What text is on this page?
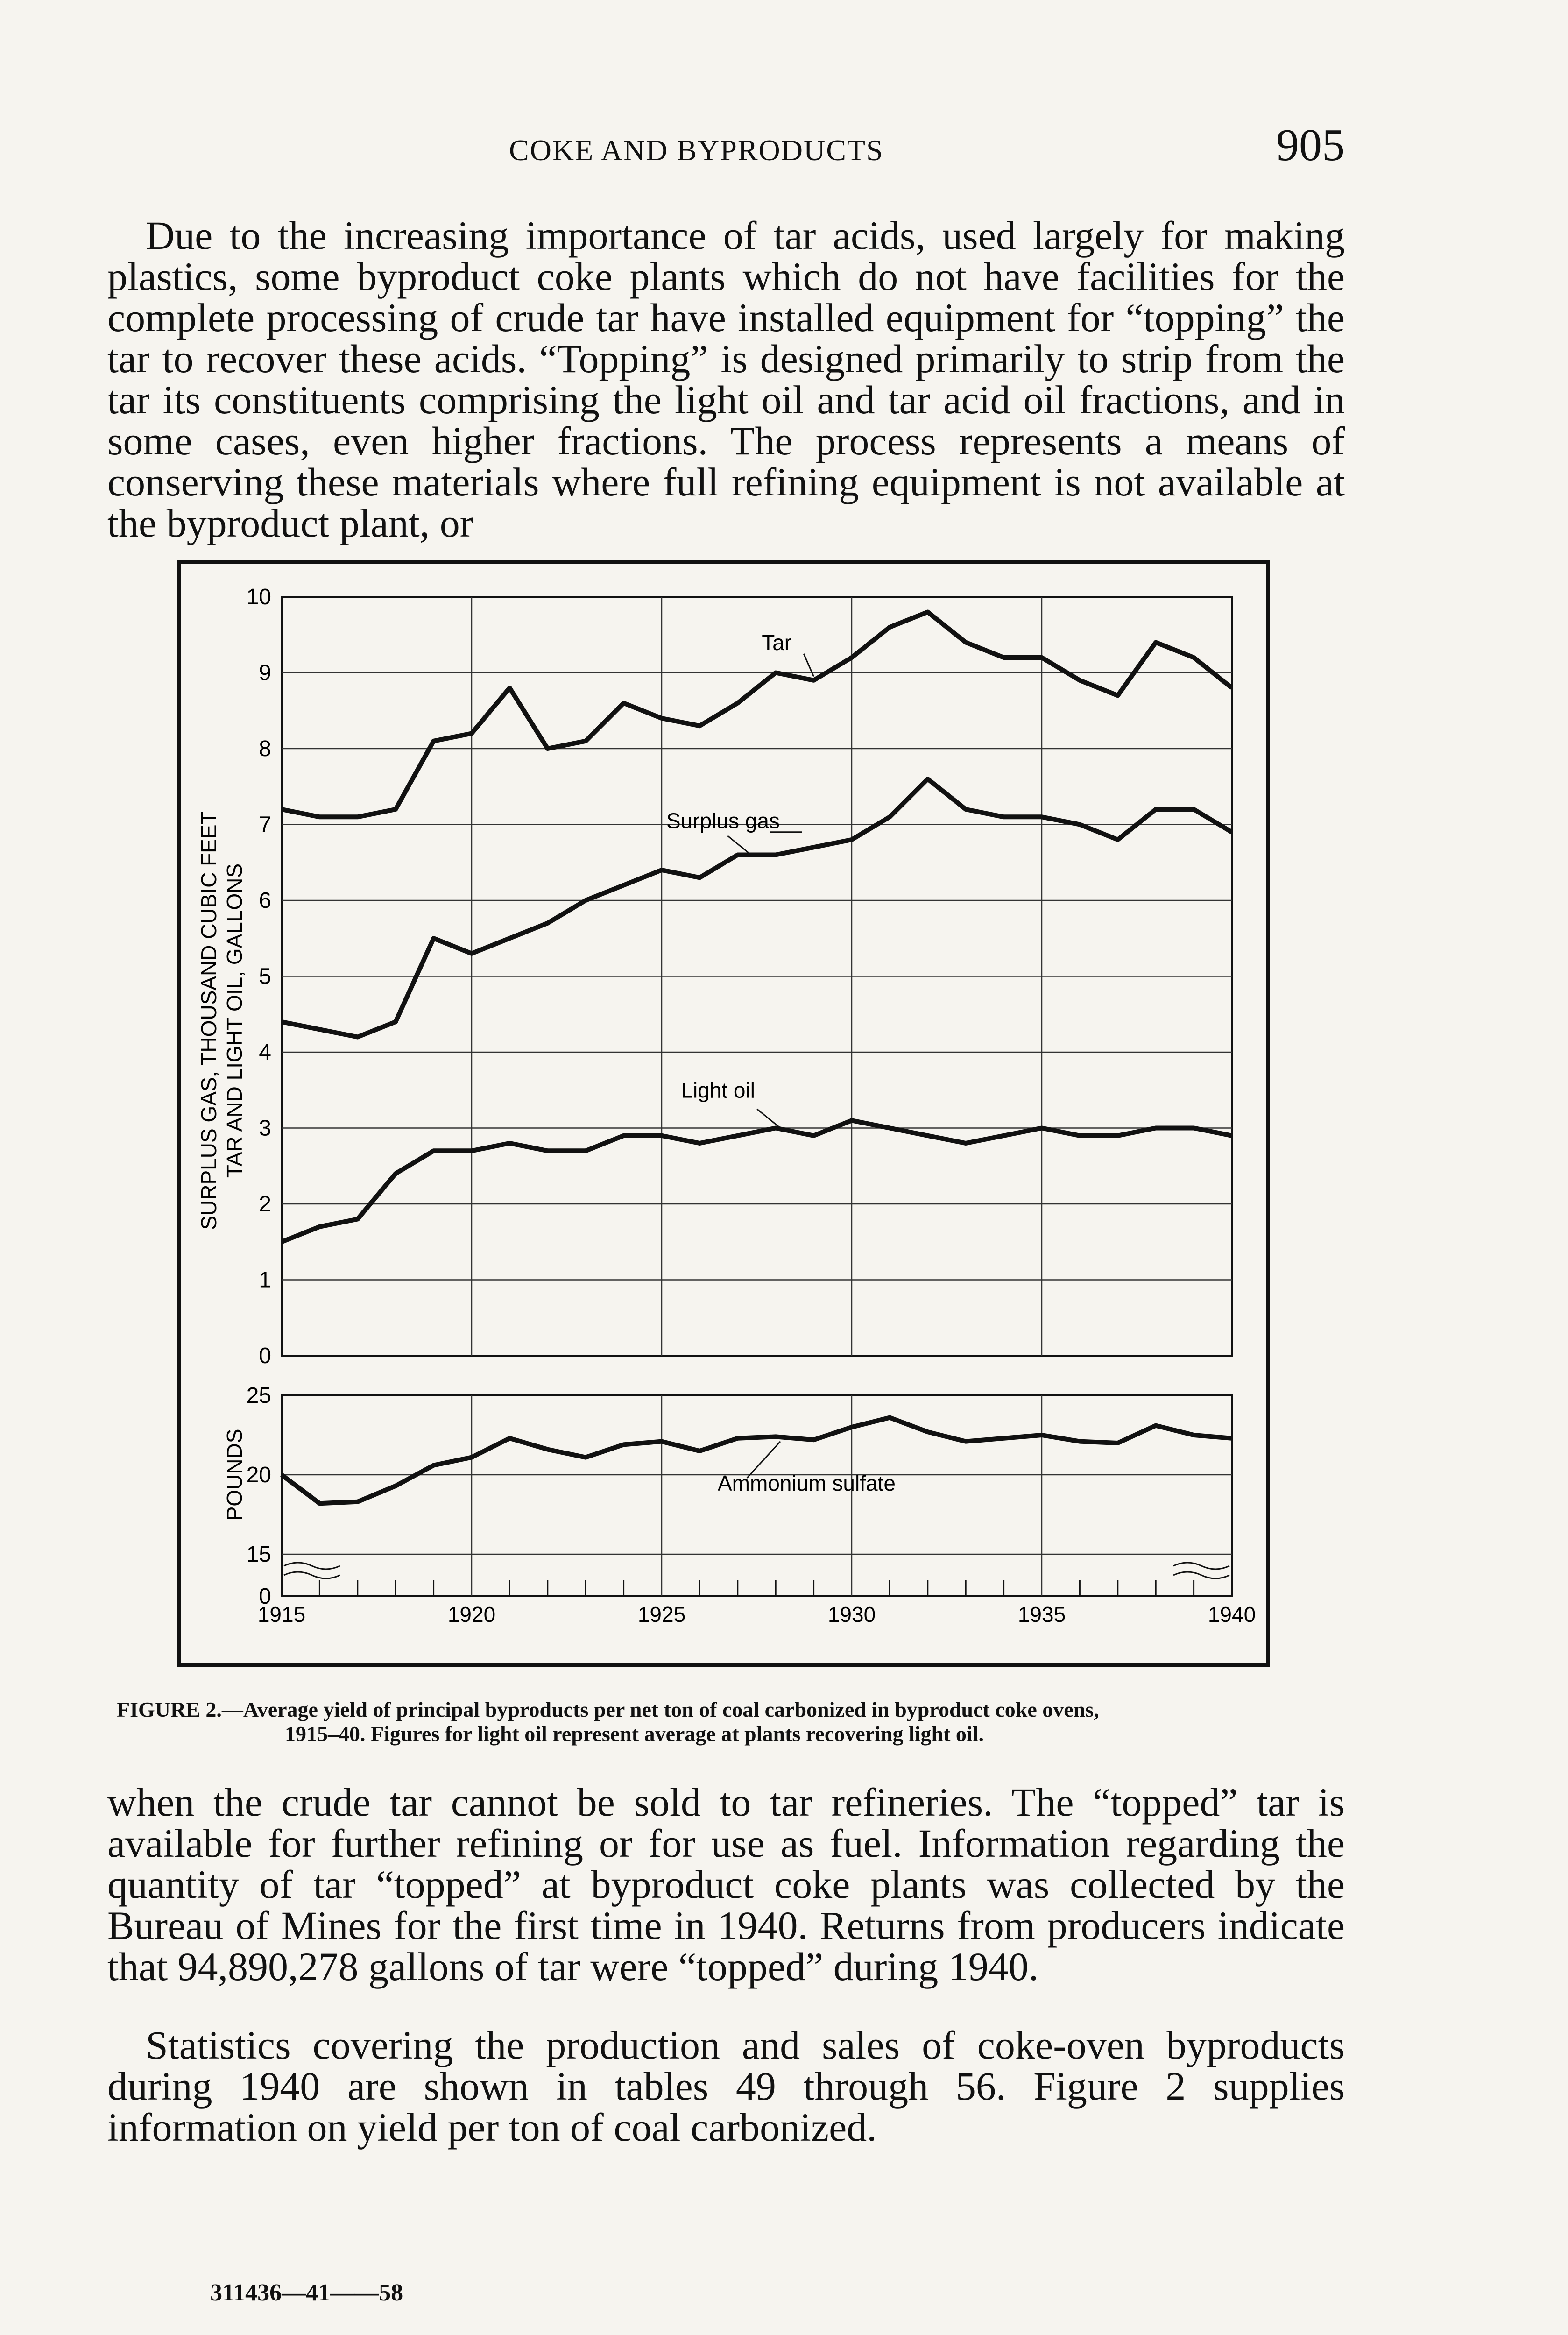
COKE AND BYPRODUCTS	905

Due to the increasing importance of tar acids, used largely for making plastics, some byproduct coke plants which do not have facilities for the complete processing of crude tar have installed equipment for “topping” the tar to recover these acids. “Topping” is designed primarily to strip from the tar its constituents comprising the light oil and tar acid oil fractions, and in some cases, even higher fractions. The process represents a means of conserving these materials where full refining equipment is not available at the byproduct plant, or

0
1
2
3
4
5
6
7
8
9
10
SURPLUS GAS, THOUSAND CUBIC FEET TAR AND LIGHT OIL, GALLONS
Tar
Surplus gas
Light oil
0
15
20
25
POUNDS
1915	1920	1925	1930	1935	1940
Ammonium sulfate
FIGURE 2.—Average yield of principal byproducts per net ton of coal carbonized in byproduct coke ovens,
1915–40. Figures for light oil represent average at plants recovering light oil.

when the crude tar cannot be sold to tar refineries. The “topped” tar is available for further refining or for use as fuel. Information regarding the quantity of tar “topped” at byproduct coke plants was collected by the Bureau of Mines for the first time in 1940. Returns from producers indicate that 94,890,278 gallons of tar were “topped” during 1940.

Statistics covering the production and sales of coke-oven byproducts during 1940 are shown in tables 49 through 56. Figure 2 supplies information on yield per ton of coal carbonized.

311436—41——58
